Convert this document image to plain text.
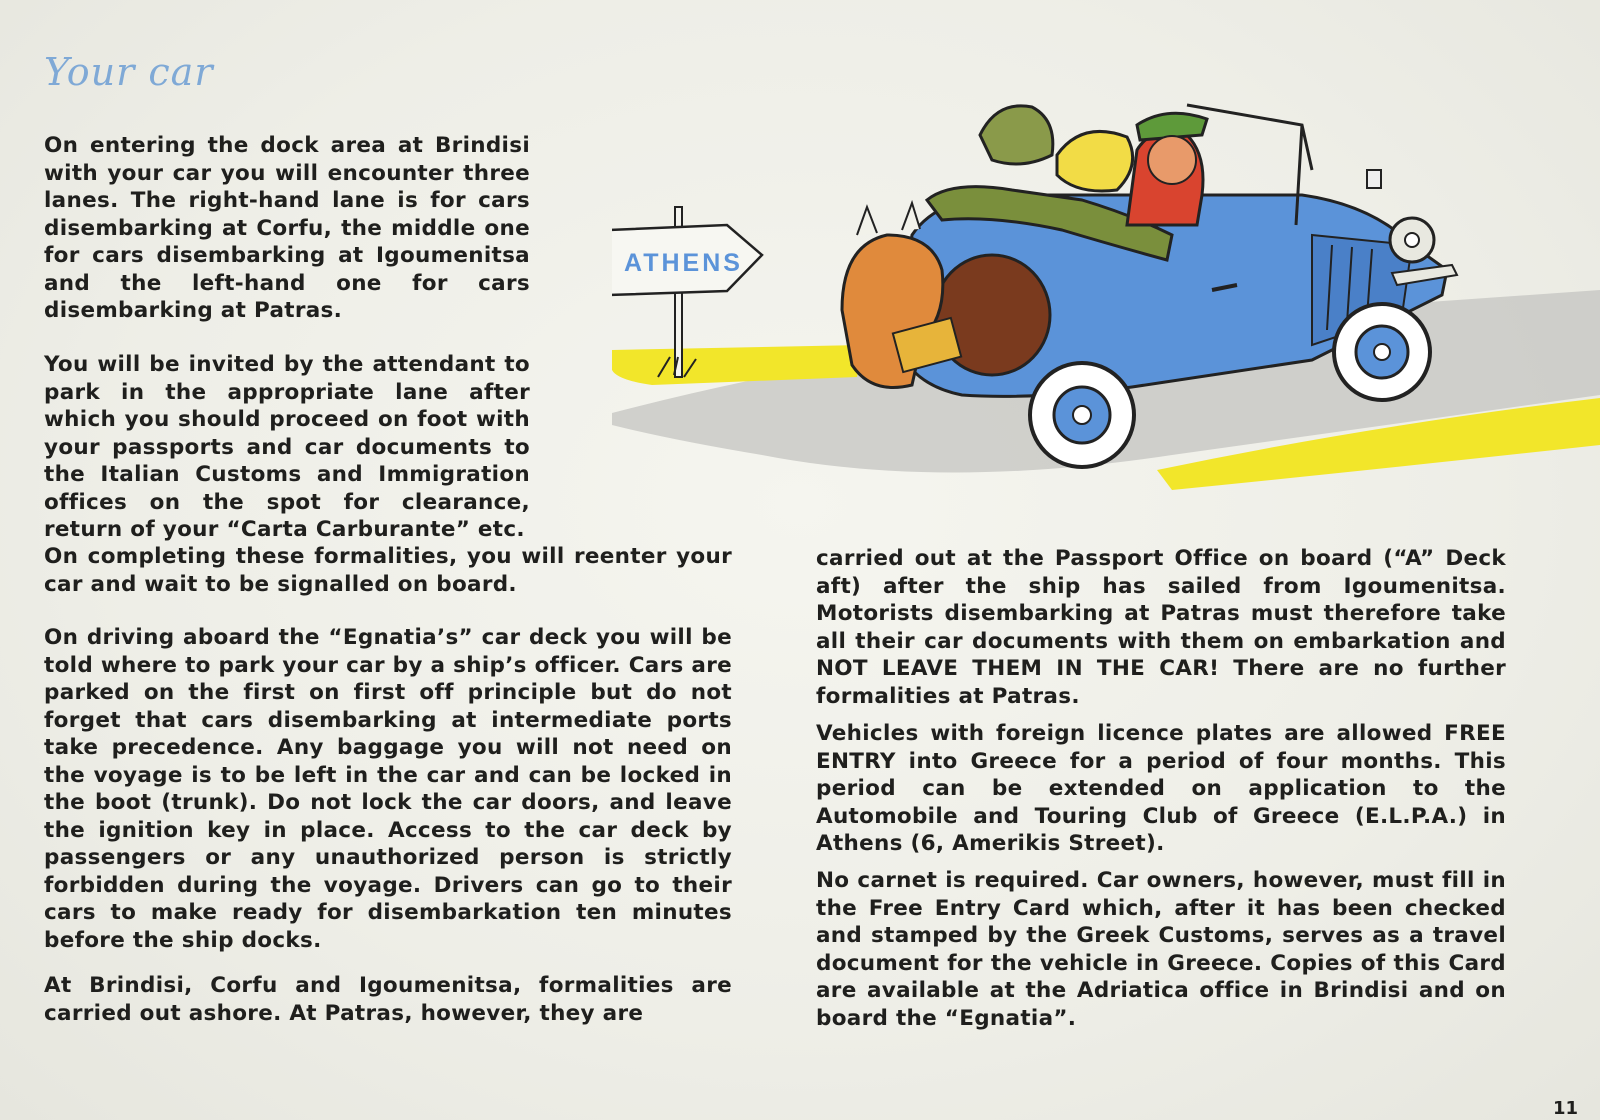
Your car

On entering the dock area at Brindisi with your car you will encounter three lanes. The right-hand lane is for cars disembarking at Corfu, the middle one for cars disembarking at Igoumenitsa and the left-hand one for cars disembarking at Patras.

You will be invited by the attendant to park in the appropriate lane after which you should proceed on foot with your passports and car documents to the Italian Customs and Immigration offices on the spot for clearance, return of your “Carta Carburante” etc.

On completing these formalities, you will reenter your car and wait to be signalled on board.

On driving aboard the “Egnatia’s” car deck you will be told where to park your car by a ship’s officer. Cars are parked on the first on first off principle but do not forget that cars disembarking at intermediate ports take precedence. Any baggage you will not need on the voyage is to be left in the car and can be locked in the boot (trunk). Do not lock the car doors, and leave the ignition key in place. Access to the car deck by passengers or any unauthorized person is strictly forbidden during the voyage. Drivers can go to their cars to make ready for disembarkation ten minutes before the ship docks.

At Brindisi, Corfu and Igoumenitsa, formalities are carried out ashore. At Patras, however, they are

carried out at the Passport Office on board (“A” Deck aft) after the ship has sailed from Igoumenitsa. Motorists disembarking at Patras must therefore take all their car documents with them on embarkation and NOT LEAVE THEM IN THE CAR! There are no further formalities at Patras.

Vehicles with foreign licence plates are allowed FREE ENTRY into Greece for a period of four months. This period can be extended on application to the Automobile and Touring Club of Greece (E.L.P.A.) in Athens (6, Amerikis Street).

No carnet is required. Car owners, however, must fill in the Free Entry Card which, after it has been checked and stamped by the Greek Customs, serves as a travel document for the vehicle in Greece. Copies of this Card are available at the Adriatica office in Brindisi and on board the “Egnatia”.

ATHENS
11
